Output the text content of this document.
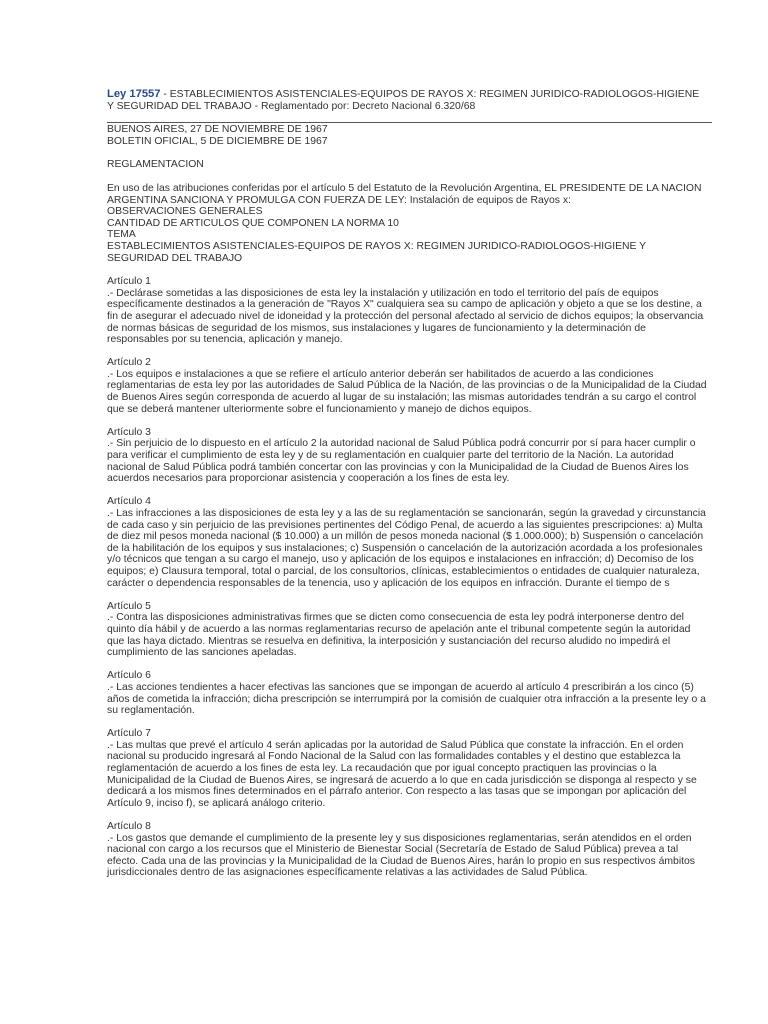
Ley 17557 - ESTABLECIMIENTOS ASISTENCIALES-EQUIPOS DE RAYOS X: REGIMEN JURIDICO-RADIOLOGOS-HIGIENE Y SEGURIDAD DEL TRABAJO - Reglamentado por: Decreto Nacional 6.320/68

BUENOS AIRES, 27 DE NOVIEMBRE DE 1967

BOLETIN OFICIAL, 5 DE DICIEMBRE DE 1967

REGLAMENTACION

En uso de las atribuciones conferidas por el artículo 5 del Estatuto de la Revolución Argentina, EL PRESIDENTE DE LA NACION ARGENTINA SANCIONA Y PROMULGA CON FUERZA DE LEY: Instalación de equipos de Rayos x:

OBSERVACIONES GENERALES

CANTIDAD DE ARTICULOS QUE COMPONEN LA NORMA 10

TEMA

ESTABLECIMIENTOS ASISTENCIALES-EQUIPOS DE RAYOS X: REGIMEN JURIDICO-RADIOLOGOS-HIGIENE Y SEGURIDAD DEL TRABAJO

Artículo 1

.- Declárase sometidas a las disposiciones de esta ley la instalación y utilización en todo el territorio del país de equipos específicamente destinados a la generación de "Rayos X" cualquiera sea su campo de aplicación y objeto a que se los destine, a fin de asegurar el adecuado nivel de idoneidad y la protección del personal afectado al servicio de dichos equipos; la observancia de normas básicas de seguridad de los mismos, sus instalaciones y lugares de funcionamiento y la determinación de responsables por su tenencia, aplicación y manejo.

Artículo 2

.- Los equipos e instalaciones a que se refiere el artículo anterior deberán ser habilitados de acuerdo a las condiciones reglamentarias de esta ley por las autoridades de Salud Pública de la Nación, de las provincias o de la Municipalidad de la Ciudad de Buenos Aires según corresponda de acuerdo al lugar de su instalación; las mismas autoridades tendrán a su cargo el control que se deberá mantener ulteriormente sobre el funcionamiento y manejo de dichos equipos.

Artículo 3

.- Sin perjuicio de lo dispuesto en el artículo 2 la autoridad nacional de Salud Pública podrá concurrir por sí para hacer cumplir o para verificar el cumplimiento de esta ley y de su reglamentación en cualquier parte del territorio de la Nación. La autoridad nacional de Salud Pública podrá también concertar con las provincias y con la Municipalidad de la Ciudad de Buenos Aires los acuerdos necesarios para proporcionar asistencia y cooperación a los fines de esta ley.

Artículo 4

.- Las infracciones a las disposiciones de esta ley y a las de su reglamentación se sancionarán, según la gravedad y circunstancia de cada caso y sin perjuicio de las previsiones pertinentes del Código Penal, de acuerdo a las siguientes prescripciones: a) Multa de diez mil pesos moneda nacional ($ 10.000) a un millón de pesos moneda nacional ($ 1.000.000); b) Suspensión o cancelación de la habilitación de los equipos y sus instalaciones; c) Suspensión o cancelación de la autorización acordada a los profesionales y/o técnicos que tengan a su cargo el manejo, uso y aplicación de los equipos e instalaciones en infracción; d) Decomiso de los equipos; e) Clausura temporal, total o parcial, de los consultorios, clínicas, establecimientos o entidades de cualquier naturaleza, carácter o dependencia responsables de la tenencia, uso y aplicación de los equipos en infracción. Durante el tiempo de s

Artículo 5

.- Contra las disposiciones administrativas firmes que se dicten como consecuencia de esta ley podrá interponerse dentro del quinto día hábil y de acuerdo a las normas reglamentarias recurso de apelación ante el tribunal competente según la autoridad que las haya dictado. Mientras se resuelva en definitiva, la interposición y sustanciación del recurso aludido no impedirá el cumplimiento de las sanciones apeladas.

Artículo 6

.- Las acciones tendientes a hacer efectivas las sanciones que se impongan de acuerdo al artículo 4 prescribirán a los cinco (5) años de cometida la infracción; dicha prescripción se interrumpirá por la comisión de cualquier otra infracción a la presente ley o a su reglamentación.

Artículo 7

.- Las multas que prevé el artículo 4 serán aplicadas por la autoridad de Salud Pública que constate la infracción. En el orden nacional su producido ingresará al Fondo Nacional de la Salud con las formalidades contables y el destino que establezca la reglamentación de acuerdo a los fines de esta ley. La recaudación que por igual concepto practiquen las provincias o la Municipalidad de la Ciudad de Buenos Aires, se ingresará de acuerdo a lo que en cada jurisdicción se disponga al respecto y se dedicará a los mismos fines determinados en el párrafo anterior. Con respecto a las tasas que se impongan por aplicación del Artículo 9, inciso f), se aplicará análogo criterio.

Artículo 8

.- Los gastos que demande el cumplimiento de la presente ley y sus disposiciones reglamentarias, serán atendidos en el orden nacional con cargo a los recursos que el Ministerio de Bienestar Social (Secretaría de Estado de Salud Pública) prevea a tal efecto. Cada una de las provincias y la Municipalidad de la Ciudad de Buenos Aires, harán lo propio en sus respectivos ámbitos jurisdiccionales dentro de las asignaciones específicamente relativas a las actividades de Salud Pública.
